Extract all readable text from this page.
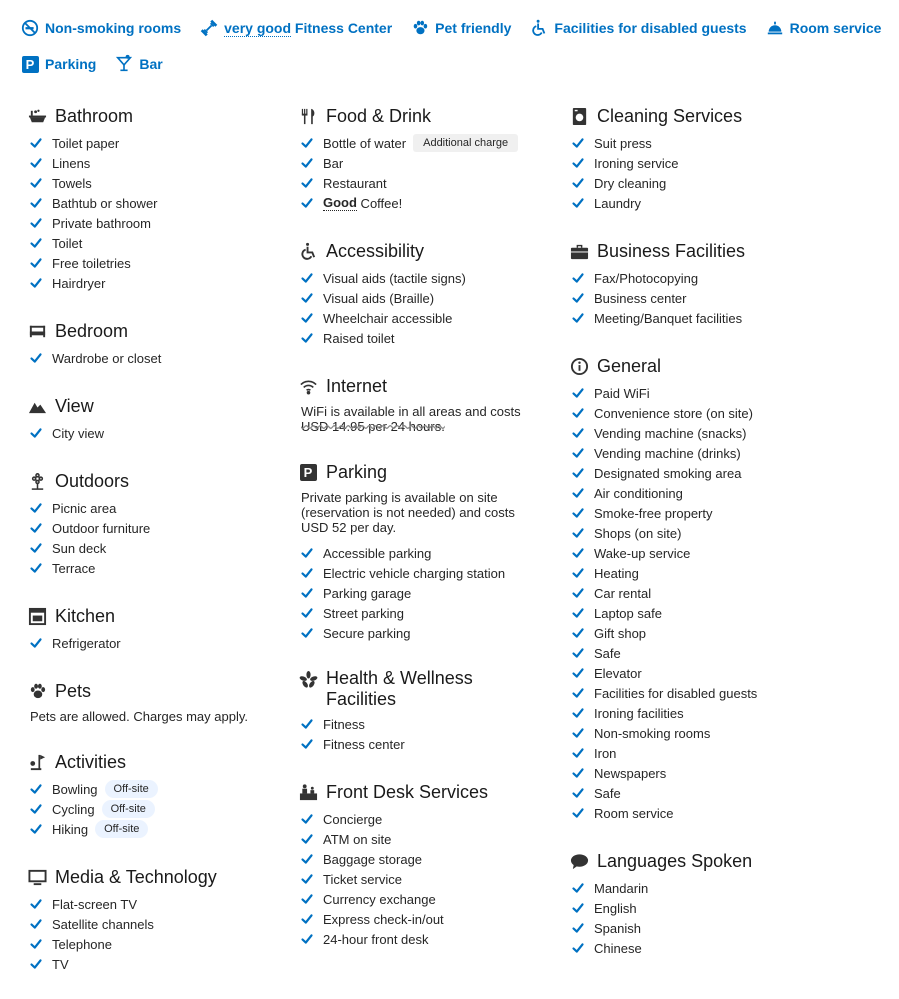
Non-smoking rooms	very good Fitness Center	Pet friendly	Facilities for disabled guests	Room service
P Parking	Bar
Bathroom
Toilet paper
Linens
Towels
Bathtub or shower
Private bathroom
Toilet
Free toiletries
Hairdryer
Bedroom
Wardrobe or closet
View
City view
Outdoors
Picnic area
Outdoor furniture
Sun deck
Terrace
Kitchen
Refrigerator
Pets
Pets are allowed. Charges may apply.
Activities
Bowling	Off-site
Cycling	Off-site
Hiking	Off-site
Media & Technology
Flat-screen TV
Satellite channels
Telephone
TV
Food & Drink
Bottle of water	Additional charge
Bar
Restaurant
Good Coffee!
Accessibility
Visual aids (tactile signs)
Visual aids (Braille)
Wheelchair accessible
Raised toilet
Internet
WiFi is available in all areas and costs
USD 14.95 per 24 hours.
P Parking
Private parking is available on site
(reservation is not needed) and costs
USD 52 per day.
Accessible parking
Electric vehicle charging station
Parking garage
Street parking
Secure parking
Health & Wellness
Facilities
Fitness
Fitness center
Front Desk Services
Concierge
ATM on site
Baggage storage
Ticket service
Currency exchange
Express check-in/out
24-hour front desk
Cleaning Services
Suit press
Ironing service
Dry cleaning
Laundry
Business Facilities
Fax/Photocopying
Business center
Meeting/Banquet facilities
General
Paid WiFi
Convenience store (on site)
Vending machine (snacks)
Vending machine (drinks)
Designated smoking area
Air conditioning
Smoke-free property
Shops (on site)
Wake-up service
Heating
Car rental
Laptop safe
Gift shop
Safe
Elevator
Facilities for disabled guests
Ironing facilities
Non-smoking rooms
Iron
Newspapers
Safe
Room service
Languages Spoken
Mandarin
English
Spanish
Chinese
